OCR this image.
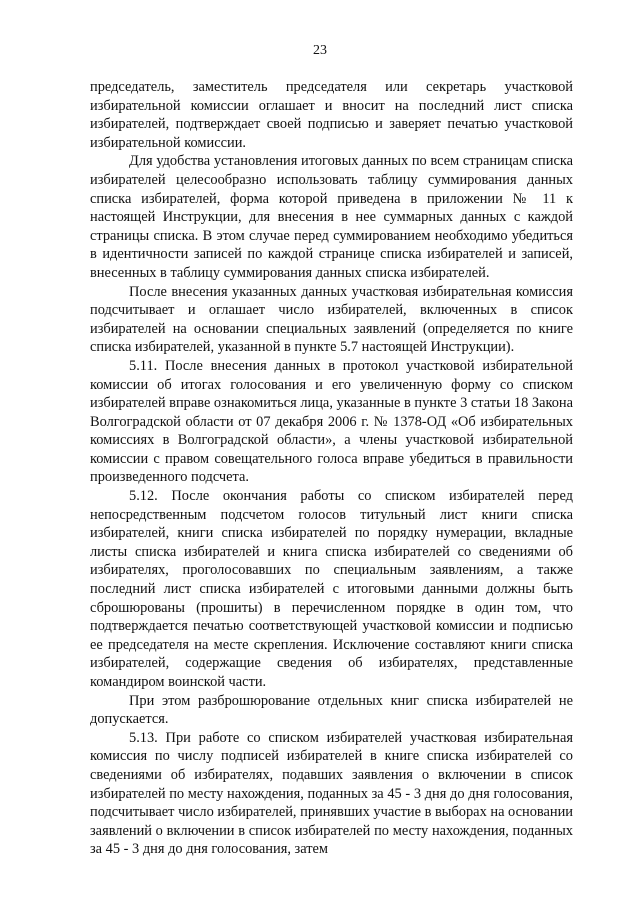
23

председатель, заместитель председателя или секретарь участковой избирательной комиссии оглашает и вносит на последний лист списка избирателей, подтверждает своей подписью и заверяет печатью участковой избирательной комиссии.

Для удобства установления итоговых данных по всем страницам списка избирателей целесообразно использовать таблицу суммирования данных списка избирателей, форма которой приведена в приложении № 11 к настоящей Инструкции, для внесения в нее суммарных данных с каждой страницы списка. В этом случае перед суммированием необходимо убедиться в идентичности записей по каждой странице списка избирателей и записей, внесенных в таблицу суммирования данных списка избирателей.

После внесения указанных данных участковая избирательная комиссия подсчитывает и оглашает число избирателей, включенных в список избирателей на основании специальных заявлений (определяется по книге списка избирателей, указанной в пункте 5.7 настоящей Инструкции).

5.11. После внесения данных в протокол участковой избирательной комиссии об итогах голосования и его увеличенную форму со списком избирателей вправе ознакомиться лица, указанные в пункте 3 статьи 18 Закона Волгоградской области от 07 декабря 2006 г. № 1378-ОД «Об избирательных комиссиях в Волгоградской области», а члены участковой избирательной комиссии с правом совещательного голоса вправе убедиться в правильности произведенного подсчета.

5.12. После окончания работы со списком избирателей перед непосредственным подсчетом голосов титульный лист книги списка избирателей, книги списка избирателей по порядку нумерации, вкладные листы списка избирателей и книга списка избирателей со сведениями об избирателях, проголосовавших по специальным заявлениям, а также последний лист списка избирателей с итоговыми данными должны быть сброшюрованы (прошиты) в перечисленном порядке в один том, что подтверждается печатью соответствующей участковой комиссии и подписью ее председателя на месте скрепления. Исключение составляют книги списка избирателей, содержащие сведения об избирателях, представленные командиром воинской части.

При этом разброшюрование отдельных книг списка избирателей не допускается.

5.13. При работе со списком избирателей участковая избирательная комиссия по числу подписей избирателей в книге списка избирателей со сведениями об избирателях, подавших заявления о включении в список избирателей по месту нахождения, поданных за 45 - 3 дня до дня голосования, подсчитывает число избирателей, принявших участие в выборах на основании заявлений о включении в список избирателей по месту нахождения, поданных за 45 - 3 дня до дня голосования, затем
